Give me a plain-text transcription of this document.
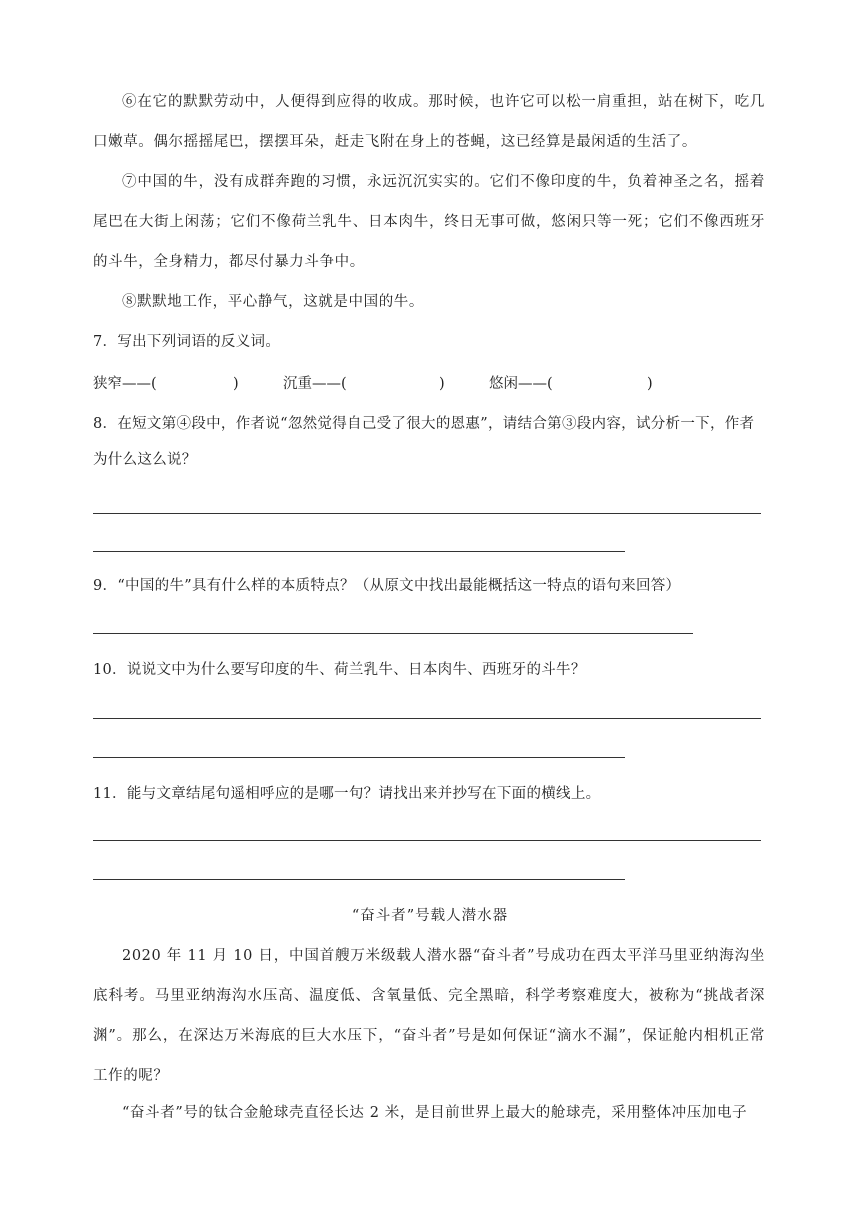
⑥在它的默默劳动中，人便得到应得的收成。那时候，也许它可以松一肩重担，站在树下，吃几口嫩草。偶尔摇摇尾巴，摆摆耳朵，赶走飞附在身上的苍蝇，这已经算是最闲适的生活了。
⑦中国的牛，没有成群奔跑的习惯，永远沉沉实实的。它们不像印度的牛，负着神圣之名，摇着尾巴在大街上闲荡；它们不像荷兰乳牛、日本肉牛，终日无事可做，悠闲只等一死；它们不像西班牙的斗牛，全身精力，都尽付暴力斗争中。
⑧默默地工作，平心静气，这就是中国的牛。
7．写出下列词语的反义词。
狭窄——(	)	沉重——(	)	悠闲——(	)
8．在短文第④段中，作者说“忽然觉得自己受了很大的恩惠”，请结合第③段内容，试分析一下，作者为什么这么说？
9．“中国的牛”具有什么样的本质特点？（从原文中找出最能概括这一特点的语句来回答）
10．说说文中为什么要写印度的牛、荷兰乳牛、日本肉牛、西班牙的斗牛？
11．能与文章结尾句遥相呼应的是哪一句？请找出来并抄写在下面的横线上。
“奋斗者”号载人潜水器
2020 年 11 月 10 日，中国首艘万米级载人潜水器“奋斗者”号成功在西太平洋马里亚纳海沟坐底科考。马里亚纳海沟水压高、温度低、含氧量低、完全黑暗，科学考察难度大，被称为“挑战者深渊”。那么，在深达万米海底的巨大水压下，“奋斗者”号是如何保证“滴水不漏”，保证舱内相机正常工作的呢？
“奋斗者”号的钛合金舱球壳直径长达 2 米，是目前世界上最大的舱球壳，采用整体冲压加电子
